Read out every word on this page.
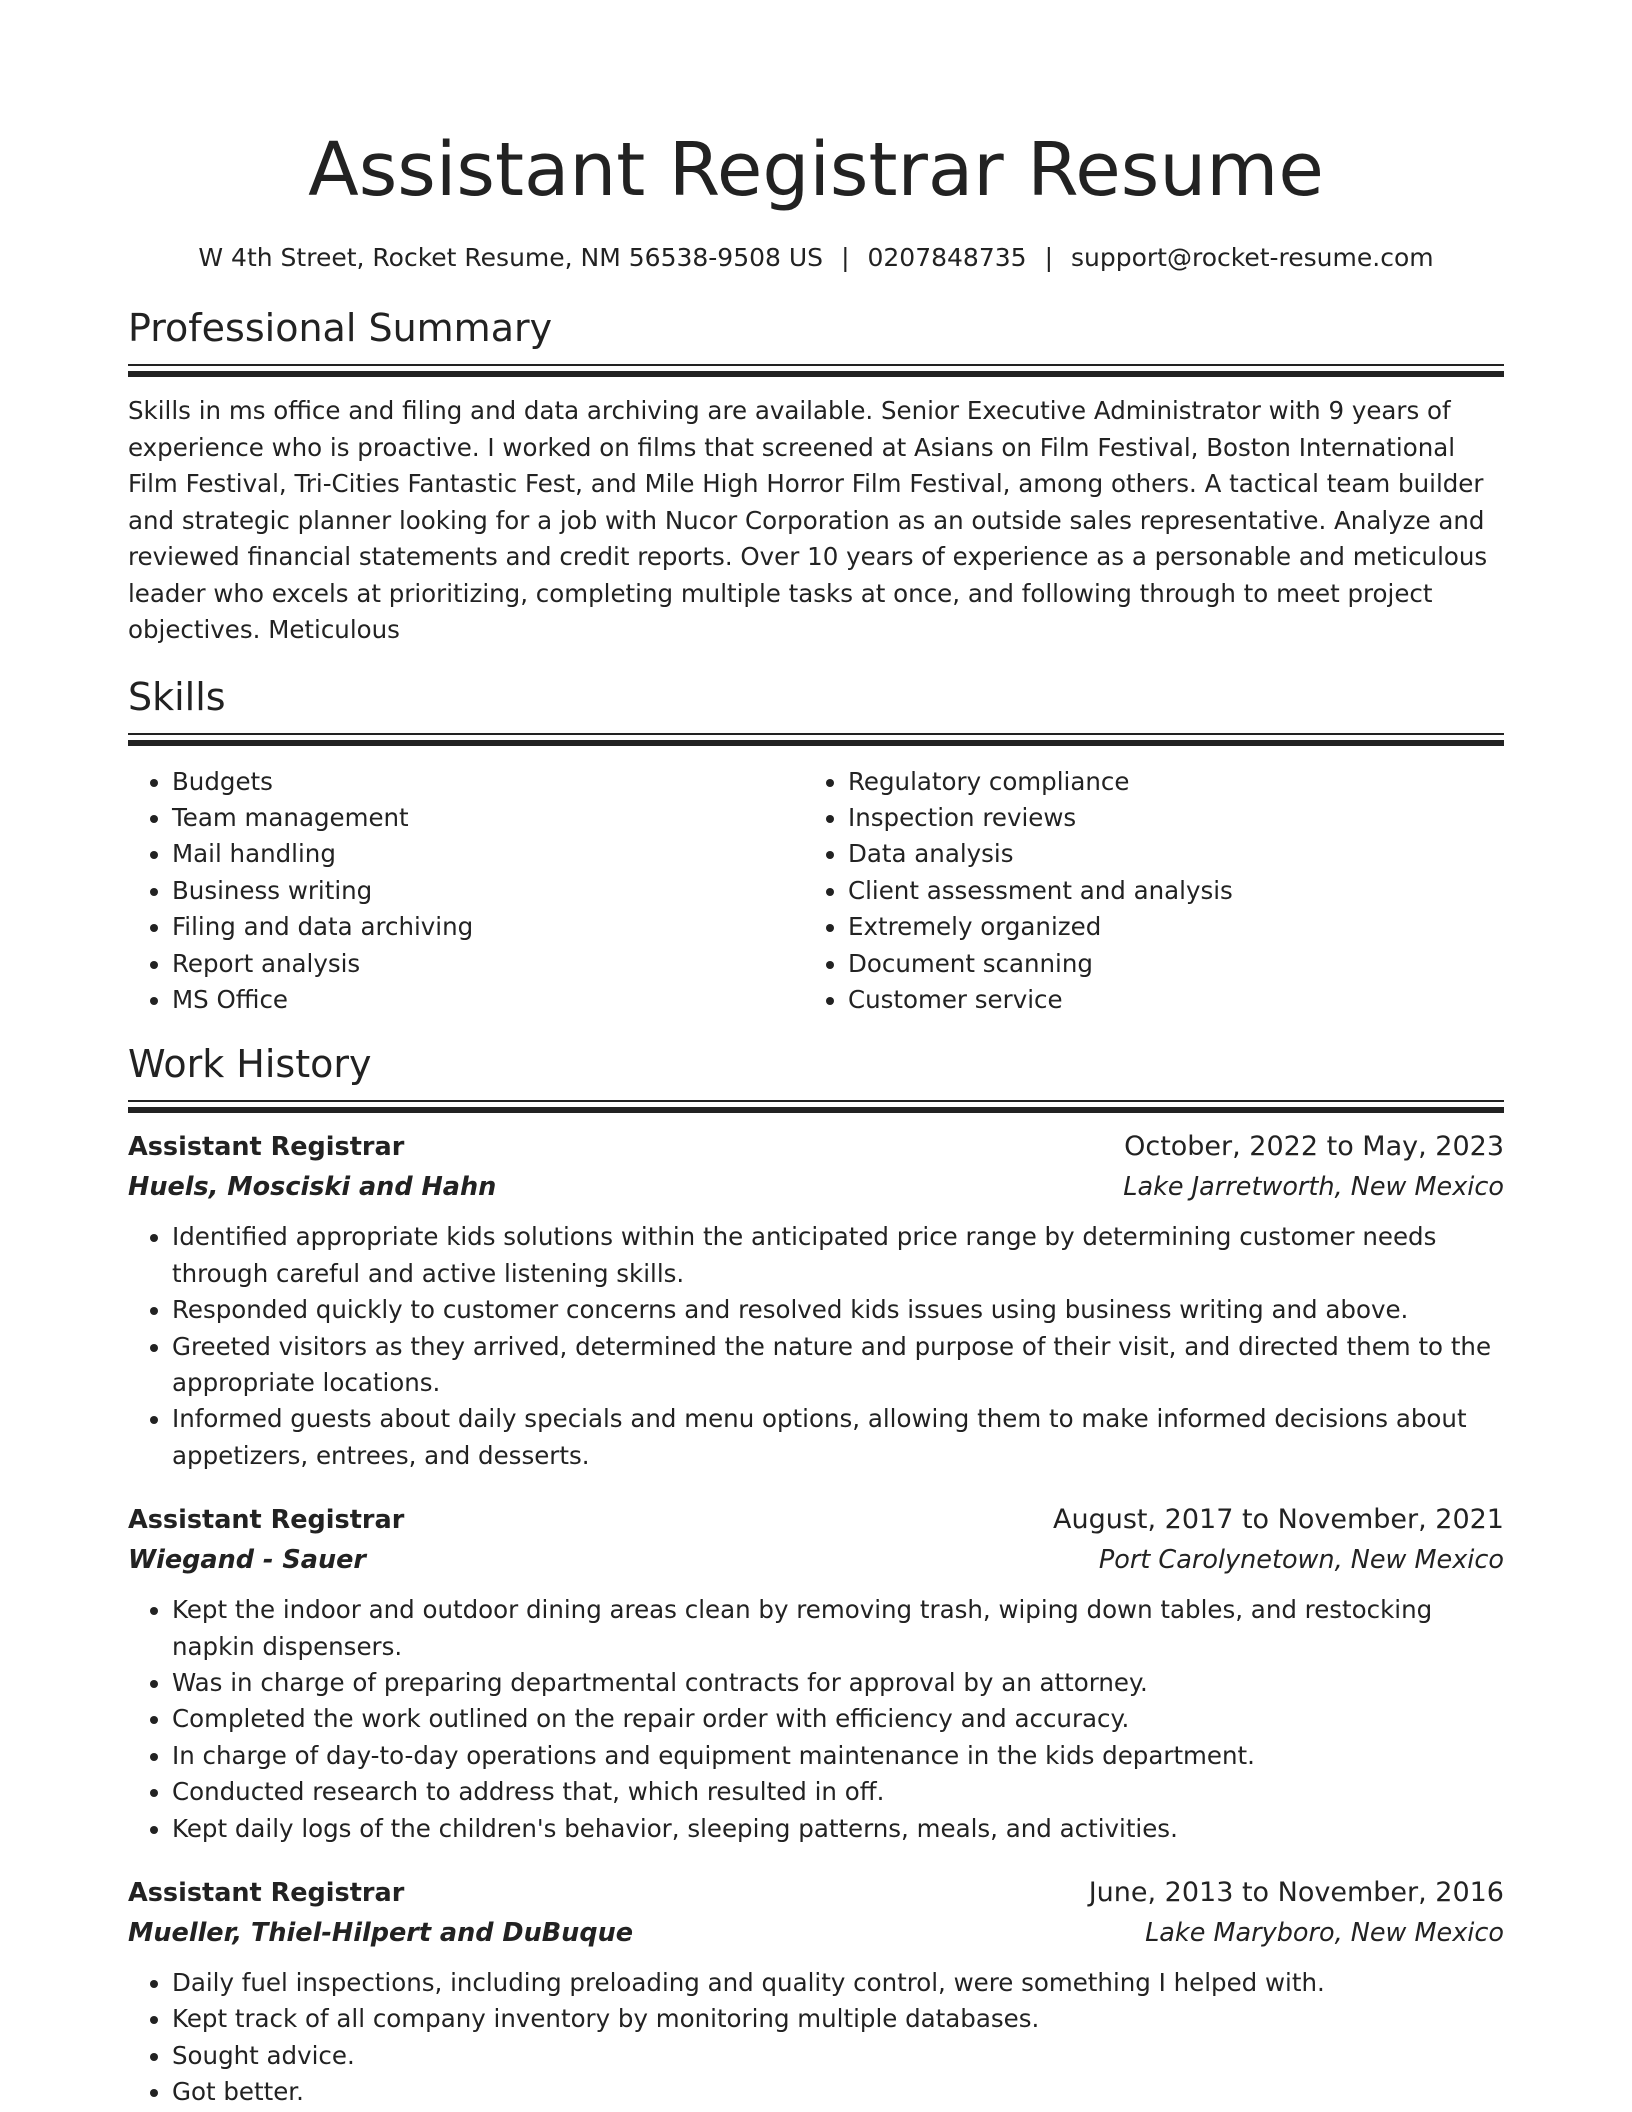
Assistant Registrar Resume
W 4th Street, Rocket Resume, NM 56538-9508 US | 0207848735 | support@rocket-resume.com
Professional Summary
Skills in ms office and filing and data archiving are available. Senior Executive Administrator with 9 years of experience who is proactive. I worked on films that screened at Asians on Film Festival, Boston International Film Festival, Tri-Cities Fantastic Fest, and Mile High Horror Film Festival, among others. A tactical team builder and strategic planner looking for a job with Nucor Corporation as an outside sales representative. Analyze and reviewed financial statements and credit reports. Over 10 years of experience as a personable and meticulous leader who excels at prioritizing, completing multiple tasks at once, and following through to meet project objectives. Meticulous
Skills
• Budgets
• Team management
• Mail handling
• Business writing
• Filing and data archiving
• Report analysis
• MS Office
• Regulatory compliance
• Inspection reviews
• Data analysis
• Client assessment and analysis
• Extremely organized
• Document scanning
• Customer service
Work History
Assistant Registrar	October, 2022 to May, 2023
Huels, Mosciski and Hahn	Lake Jarretworth, New Mexico
• Identified appropriate kids solutions within the anticipated price range by determining customer needs through careful and active listening skills.
• Responded quickly to customer concerns and resolved kids issues using business writing and above.
• Greeted visitors as they arrived, determined the nature and purpose of their visit, and directed them to the appropriate locations.
• Informed guests about daily specials and menu options, allowing them to make informed decisions about appetizers, entrees, and desserts.
Assistant Registrar	August, 2017 to November, 2021
Wiegand - Sauer	Port Carolynetown, New Mexico
• Kept the indoor and outdoor dining areas clean by removing trash, wiping down tables, and restocking napkin dispensers.
• Was in charge of preparing departmental contracts for approval by an attorney.
• Completed the work outlined on the repair order with efficiency and accuracy.
• In charge of day-to-day operations and equipment maintenance in the kids department.
• Conducted research to address that, which resulted in off.
• Kept daily logs of the children's behavior, sleeping patterns, meals, and activities.
Assistant Registrar	June, 2013 to November, 2016
Mueller, Thiel-Hilpert and DuBuque	Lake Maryboro, New Mexico
• Daily fuel inspections, including preloading and quality control, were something I helped with.
• Kept track of all company inventory by monitoring multiple databases.
• Sought advice.
• Got better.
